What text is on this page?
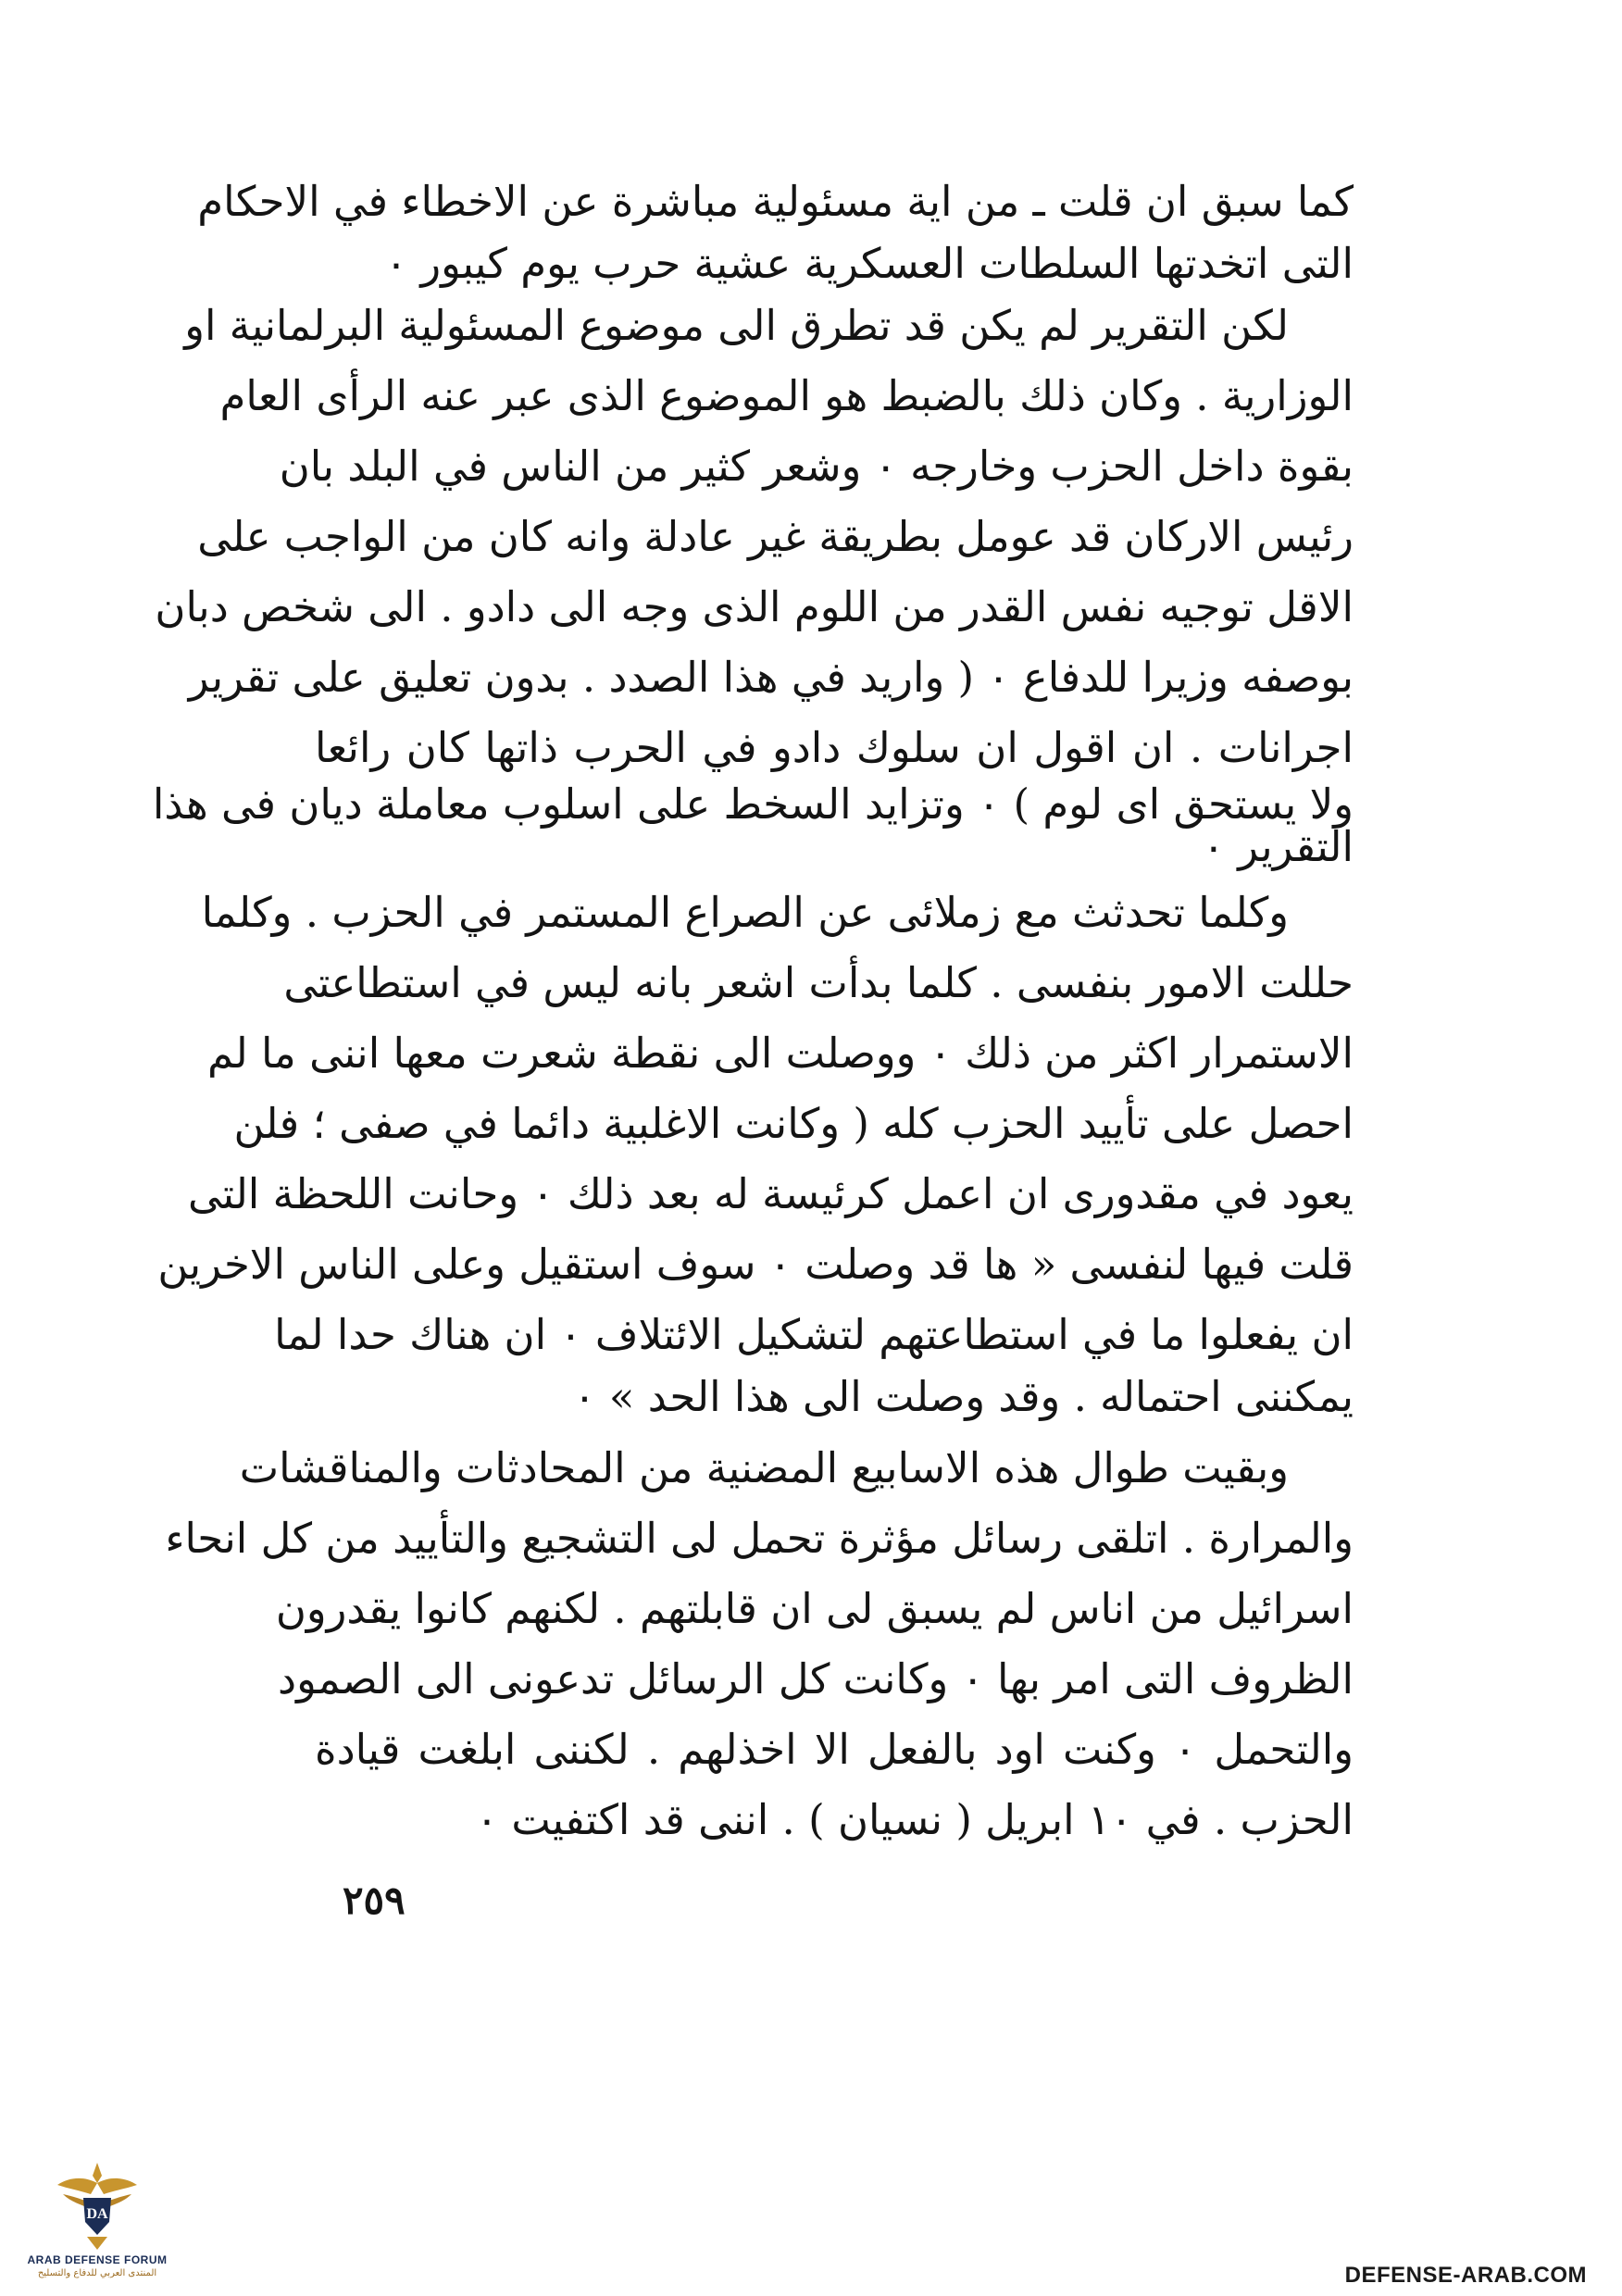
كما سبق ان قلت ـ من اية مسئولية مباشرة عن الاخطاء في الاحكام
التى اتخدتها السلطات العسكرية عشية حرب يوم كيبور ٠
لكن التقرير لم يكن قد تطرق الى موضوع المسئولية البرلمانية او
الوزارية . وكان ذلك بالضبط هو الموضوع الذى عبر عنه الرأى العام
بقوة داخل الحزب وخارجه ٠ وشعر كثير من الناس في البلد بان
رئيس الاركان قد عومل بطريقة غير عادلة وانه كان من الواجب على
الاقل توجيه نفس القدر من اللوم الذى وجه الى دادو . الى شخص دبان
بوصفه وزيرا للدفاع ٠ ( واريد في هذا الصدد . بدون تعليق على تقرير
اجرانات . ان اقول ان سلوك دادو في الحرب ذاتها كان رائعا
ولا يستحق اى لوم ) ٠ وتزايد السخط على اسلوب معاملة ديان فى هذا
التقرير ٠
وكلما تحدثث مع زملائى عن الصراع المستمر في الحزب . وكلما
حللت الامور بنفسى . كلما بدأت اشعر بانه ليس في استطاعتى
الاستمرار اكثر من ذلك ٠ ووصلت الى نقطة شعرت معها اننى ما لم
احصل على تأييد الحزب كله ( وكانت الاغلبية دائما في صفى ؛ فلن
يعود في مقدورى ان اعمل كرئيسة له بعد ذلك ٠ وحانت اللحظة التى
قلت فيها لنفسى « ها قد وصلت ٠ سوف استقيل وعلى الناس الاخرين
ان يفعلوا ما في استطاعتهم لتشكيل الائتلاف ٠ ان هناك حدا لما
يمكننى احتماله . وقد وصلت الى هذا الحد » ٠
وبقيت طوال هذه الاسابيع المضنية من المحادثات والمناقشات
والمرارة . اتلقى رسائل مؤثرة تحمل لى التشجيع والتأييد من كل انحاء
اسرائيل من اناس لم يسبق لى ان قابلتهم . لكنهم كانوا يقدرون
الظروف التى امر بها ٠ وكانت كل الرسائل تدعونى الى الصمود
والتحمل ٠ وكنت اود بالفعل الا اخذلهم . لكننى ابلغت قيادة
الحزب . في ١٠ ابريل ( نسيان ) . اننى قد اكتفيت ٠
٢٥٩
DA
ARAB DEFENSE FORUM
المنتدى العربي للدفاع والتسليح	DEFENSE-ARAB.COM
